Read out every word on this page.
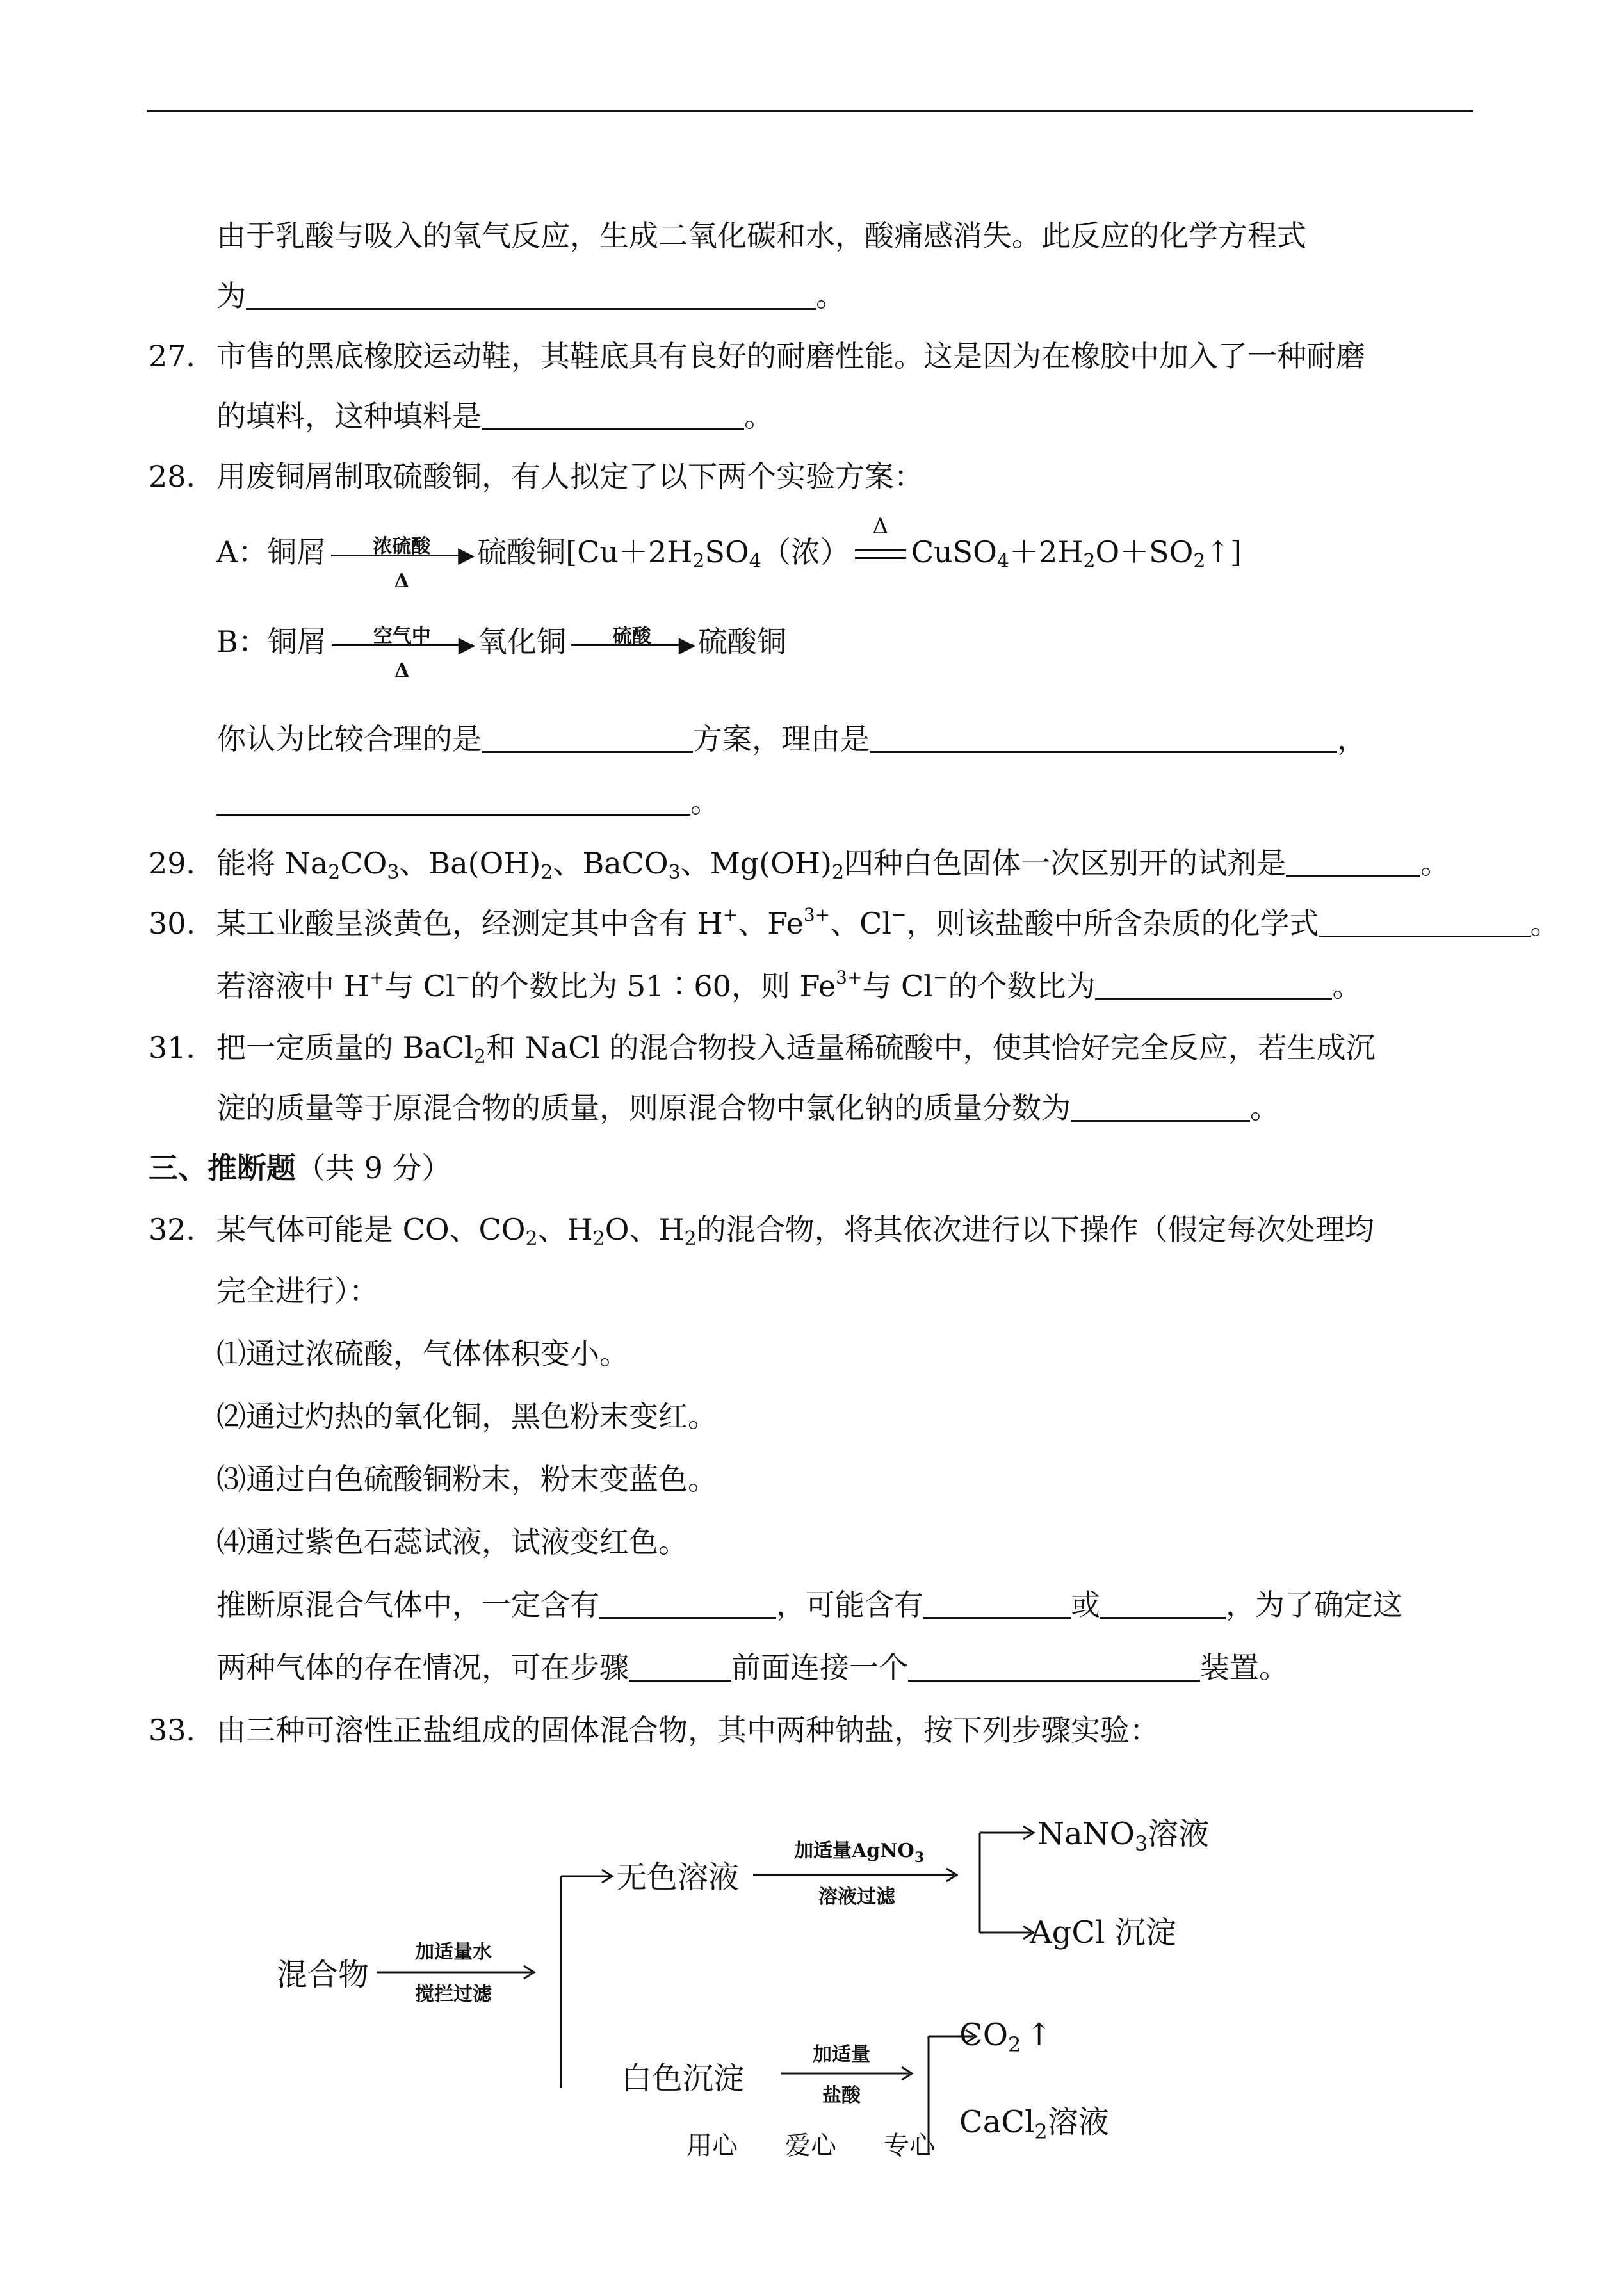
由于乳酸与吸入的氧气反应，生成二氧化碳和水，酸痛感消失。此反应的化学方程式
为	。
27．市售的黑底橡胶运动鞋，其鞋底具有良好的耐磨性能。这是因为在橡胶中加入了一种耐磨
的填料，这种填料是	。
28．用废铜屑制取硫酸铜，有人拟定了以下两个实验方案：
A：铜屑	浓硫酸	▶
Δ
硫酸铜[$Cu+2H_2SO_4$（浓）
Δ
$CuSO_4+2H_2O+SO_2↑$]
B：铜屑	空气中	▶
Δ
氧化铜	硫酸	▶ 硫酸铜
你认为比较合理的是	方案，理由是	，
。
29．能将 $Na_2CO_3$、$Ba(OH)_2$、BaCO$_3$、$Mg(OH)_2$四种白色固体一次区别开的试剂是	。
30. 某工业酸呈淡黄色，经测定其中含有 H+、$Fe^{3+}$、Cl−，则该盐酸中所含杂质的化学式	。
若溶液中 H+与 Cl−的个数比为 51∶60，则 $Fe^{3+}$与 Cl−的个数比为	。
31．把一定质量的 BaCl$_2$和 NaCl 的混合物投入适量稀硫酸中，使其恰好完全反应，若生成沉
淀的质量等于原混合物的质量，则原混合物中氯化钠的质量分数为	。
三、推断题（共 9 分）
32．某气体可能是 CO、$CO_2$、$H_2O$、$H_2$的混合物，将其依次进行以下操作（假定每次处理均
完全进行）：
⑴通过浓硫酸，气体体积变小。
⑵通过灼热的氧化铜，黑色粉末变红。
⑶通过白色硫酸铜粉末，粉末变蓝色。
⑷通过紫色石蕊试液，试液变红色。
推断原混合气体中，一定含有	，可能含有	或	，为了确定这
两种气体的存在情况，可在步骤	前面连接一个	装置。
33．由三种可溶性正盐组成的固体混合物，其中两种钠盐，按下列步骤实验：
混合物
加适量水
搅拦过滤
无色溶液
加适量AgNO$_3$
溶液过滤
NaNO$_3$溶液
AgCl 沉淀
白色沉淀
加适量
盐酸
$CO_2$ ↑
CaCl$_2$溶液
用心 爱心 专心
